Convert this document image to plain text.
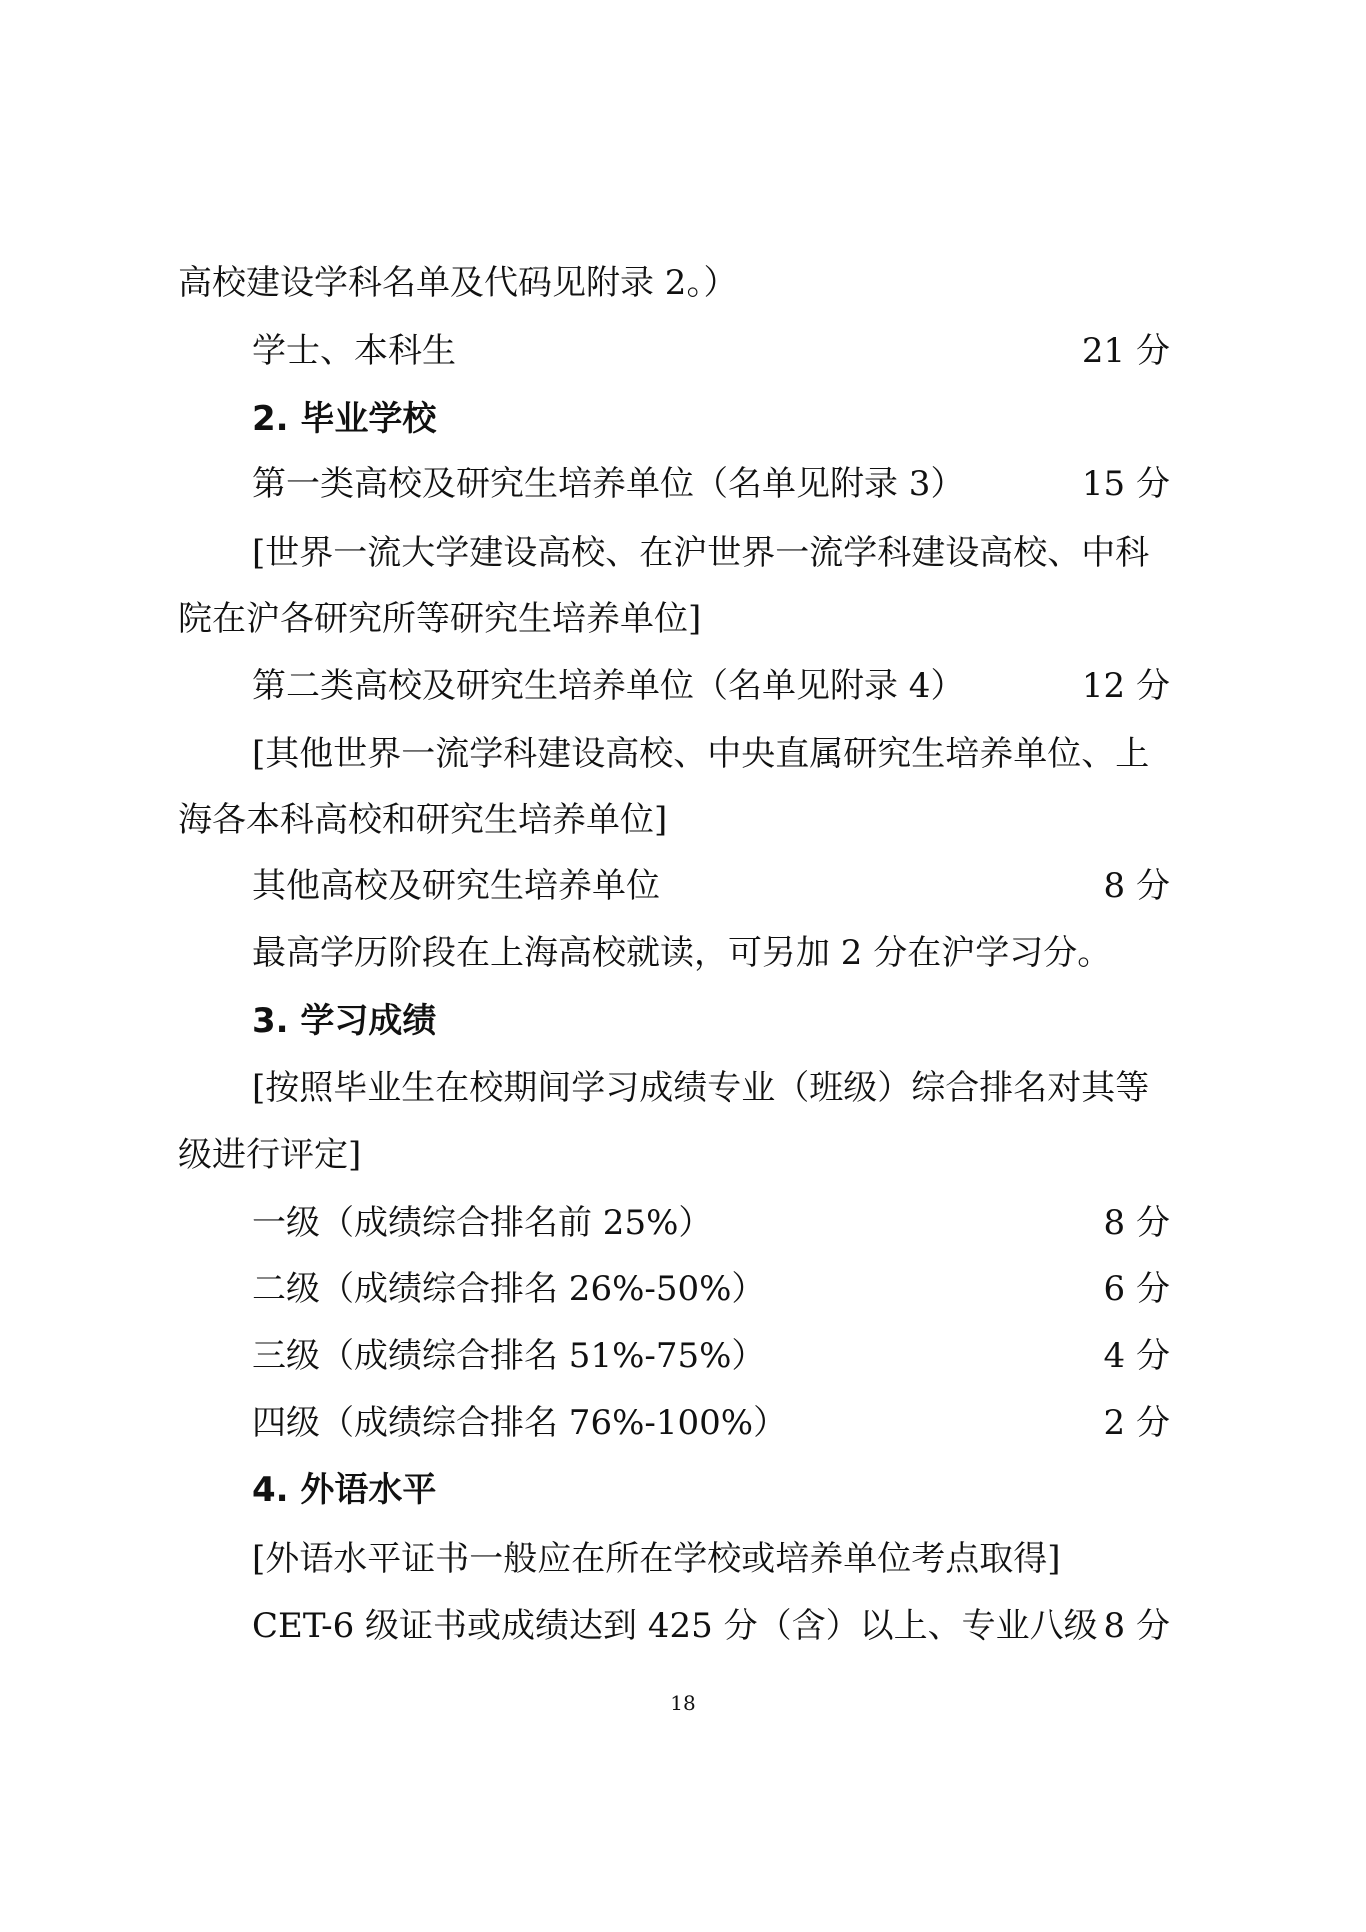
高校建设学科名单及代码见附录 2。）
学士、本科生	21 分
2. 毕业学校
第一类高校及研究生培养单位（名单见附录 3）	15 分
[世界一流大学建设高校、在沪世界一流学科建设高校、中科
院在沪各研究所等研究生培养单位]
第二类高校及研究生培养单位（名单见附录 4）	12 分
[其他世界一流学科建设高校、中央直属研究生培养单位、上
海各本科高校和研究生培养单位]
其他高校及研究生培养单位	8 分
最高学历阶段在上海高校就读，可另加 2 分在沪学习分。
3. 学习成绩
[按照毕业生在校期间学习成绩专业（班级）综合排名对其等
级进行评定]
一级（成绩综合排名前 25%）	8 分
二级（成绩综合排名 26%-50%）	6 分
三级（成绩综合排名 51%-75%）	4 分
四级（成绩综合排名 76%-100%）	2 分
4. 外语水平
[外语水平证书一般应在所在学校或培养单位考点取得]
CET-6 级证书或成绩达到 425 分（含）以上、专业八级 8 分
18
